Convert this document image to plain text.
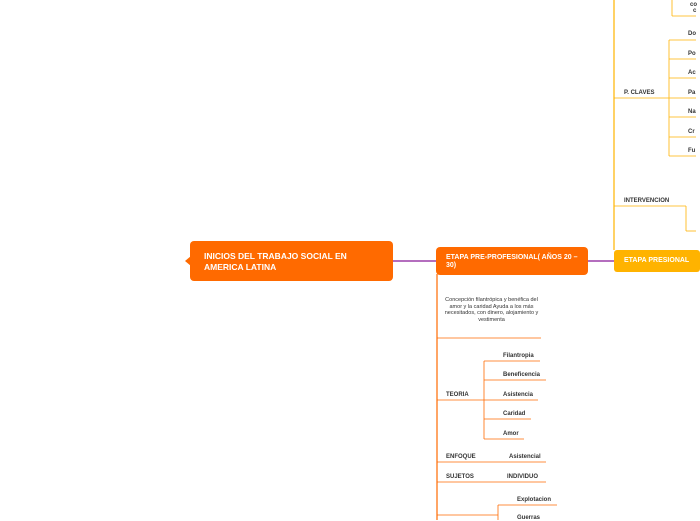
INICIOS DEL TRABAJO SOCIAL EN AMERICA LATINA
ETAPA PRE-PROFESIONAL( AÑOS 20 – 30)
Concepción filantrópica y benéfica del amor y la caridad Ayuda a los más necesitados, con dinero, alojamiento y vestimenta
TEORIA
Filantropia
Beneficencia
Asistencia
Caridad
Amor
ENFOQUE	Asistencial
SUJETOS	INDIVIDUO
Explotacion
Guerras
ETAPA PRESIONAL
co
c
P. CLAVES
Do
Po
Ac
Pa
Na
Cr
Fu
INTERVENCION
